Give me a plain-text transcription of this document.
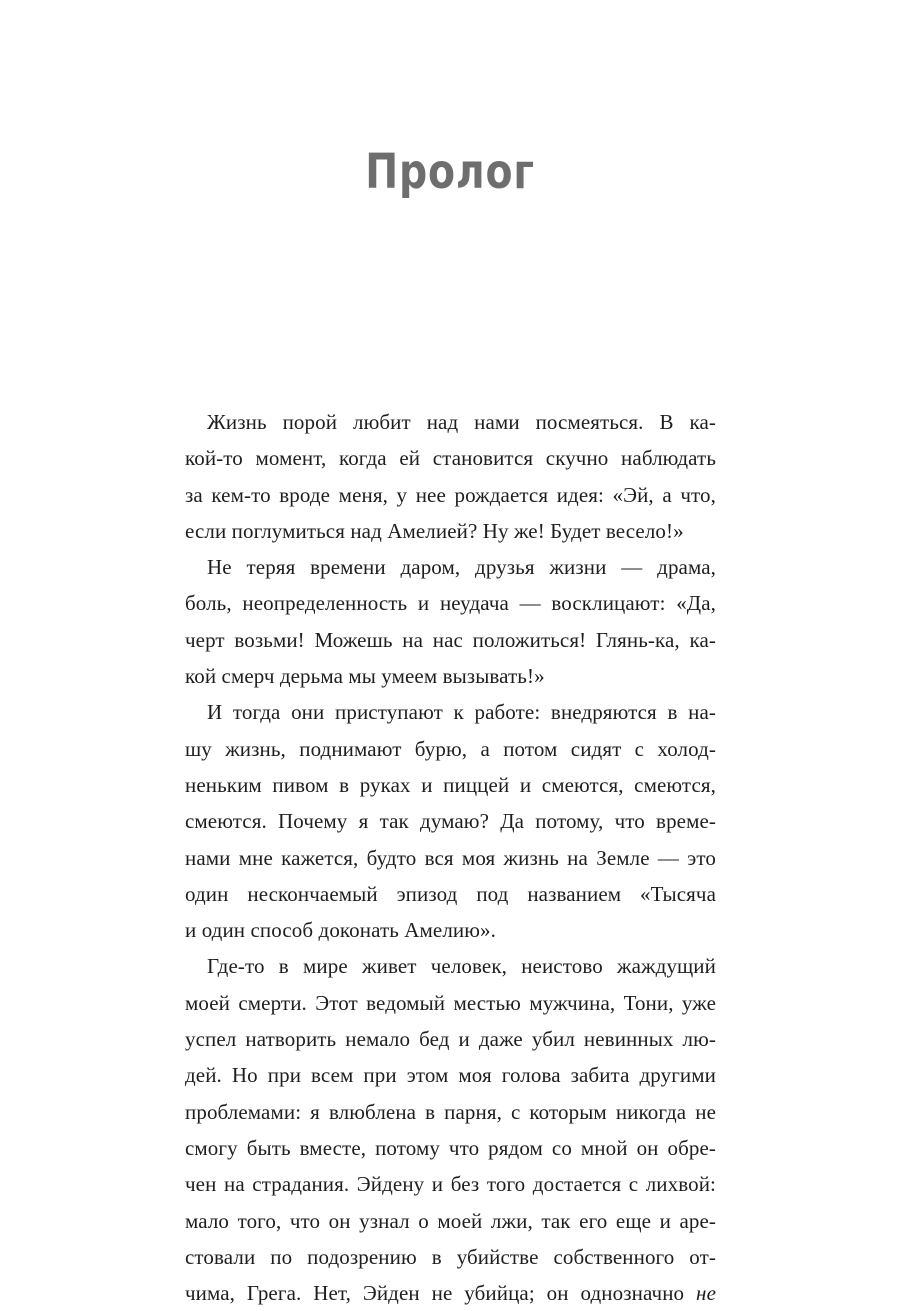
Пролог

Жизнь порой любит над нами посмеяться. В ка-
кой-то момент, когда ей становится скучно наблюдать
за кем-то вроде меня, у нее рождается идея: «Эй, а что,
если поглумиться над Амелией? Ну же! Будет весело!»

Не теряя времени даром, друзья жизни — драма,
боль, неопределенность и неудача — восклицают: «Да,
черт возьми! Можешь на нас положиться! Глянь-ка, ка-
кой смерч дерьма мы умеем вызывать!»

И тогда они приступают к работе: внедряются в на-
шу жизнь, поднимают бурю, а потом сидят с холод-
неньким пивом в руках и пиццей и смеются, смеются,
смеются. Почему я так думаю? Да потому, что време-
нами мне кажется, будто вся моя жизнь на Земле — это
один нескончаемый эпизод под названием «Тысяча
и один способ доконать Амелию».

Где-то в мире живет человек, неистово жаждущий
моей смерти. Этот ведомый местью мужчина, Тони, уже
успел натворить немало бед и даже убил невинных лю-
дей. Но при всем при этом моя голова забита другими
проблемами: я влюблена в парня, с которым никогда не
смогу быть вместе, потому что рядом со мной он обре-
чен на страдания. Эйдену и без того достается с лихвой:
мало того, что он узнал о моей лжи, так его еще и аре-
стовали по подозрению в убийстве собственного от-
чима, Грега. Нет, Эйден не убийца; он однозначно не
